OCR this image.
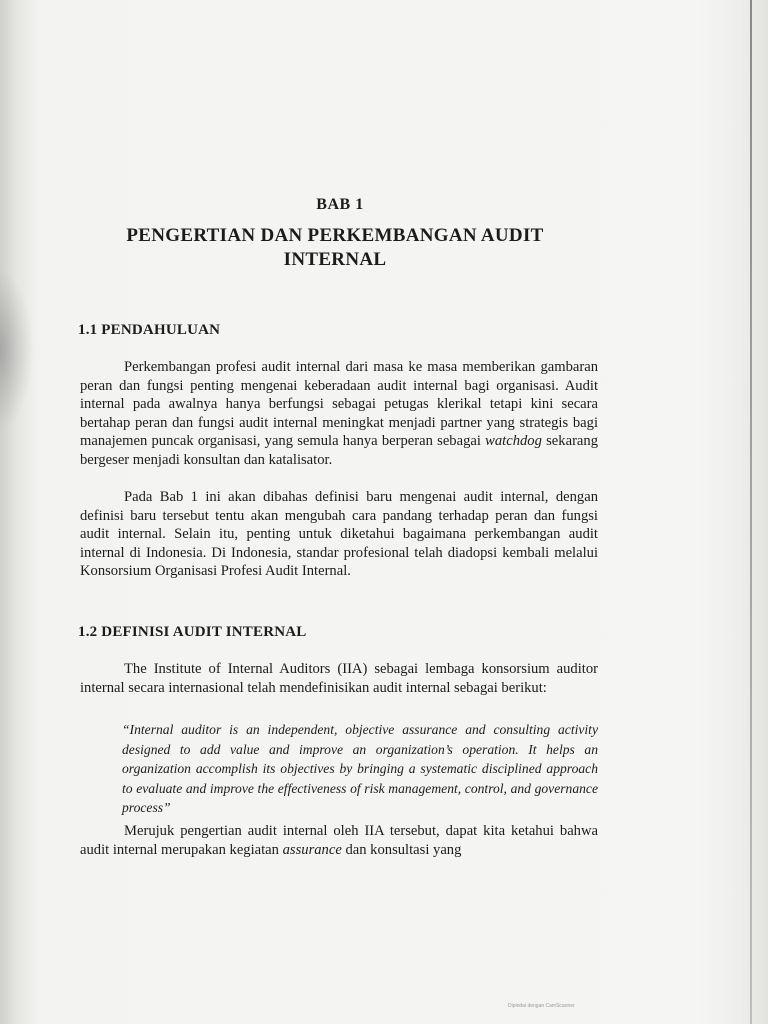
BAB 1
PENGERTIAN DAN PERKEMBANGAN AUDIT INTERNAL
1.1 PENDAHULUAN

Perkembangan profesi audit internal dari masa ke masa memberikan gambaran peran dan fungsi penting mengenai keberadaan audit internal bagi organisasi. Audit internal pada awalnya hanya berfungsi sebagai petugas klerikal tetapi kini secara bertahap peran dan fungsi audit internal meningkat menjadi partner yang strategis bagi manajemen puncak organisasi, yang semula hanya berperan sebagai watchdog sekarang bergeser menjadi konsultan dan katalisator.

Pada Bab 1 ini akan dibahas definisi baru mengenai audit internal, dengan definisi baru tersebut tentu akan mengubah cara pandang terhadap peran dan fungsi audit internal. Selain itu, penting untuk diketahui bagaimana perkembangan audit internal di Indonesia. Di Indonesia, standar profesional telah diadopsi kembali melalui Konsorsium Organisasi Profesi Audit Internal.

1.2 DEFINISI AUDIT INTERNAL

The Institute of Internal Auditors (IIA) sebagai lembaga konsorsium auditor internal secara internasional telah mendefinisikan audit internal sebagai berikut:

“Internal auditor is an independent, objective assurance and consulting activity designed to add value and improve an organization’s operation. It helps an organization accomplish its objectives by bringing a systematic disciplined approach to evaluate and improve the effectiveness of risk management, control, and governance process”

Merujuk pengertian audit internal oleh IIA tersebut, dapat kita ketahui bahwa audit internal merupakan kegiatan assurance dan konsultasi yang

Dipindai dengan CamScanner
